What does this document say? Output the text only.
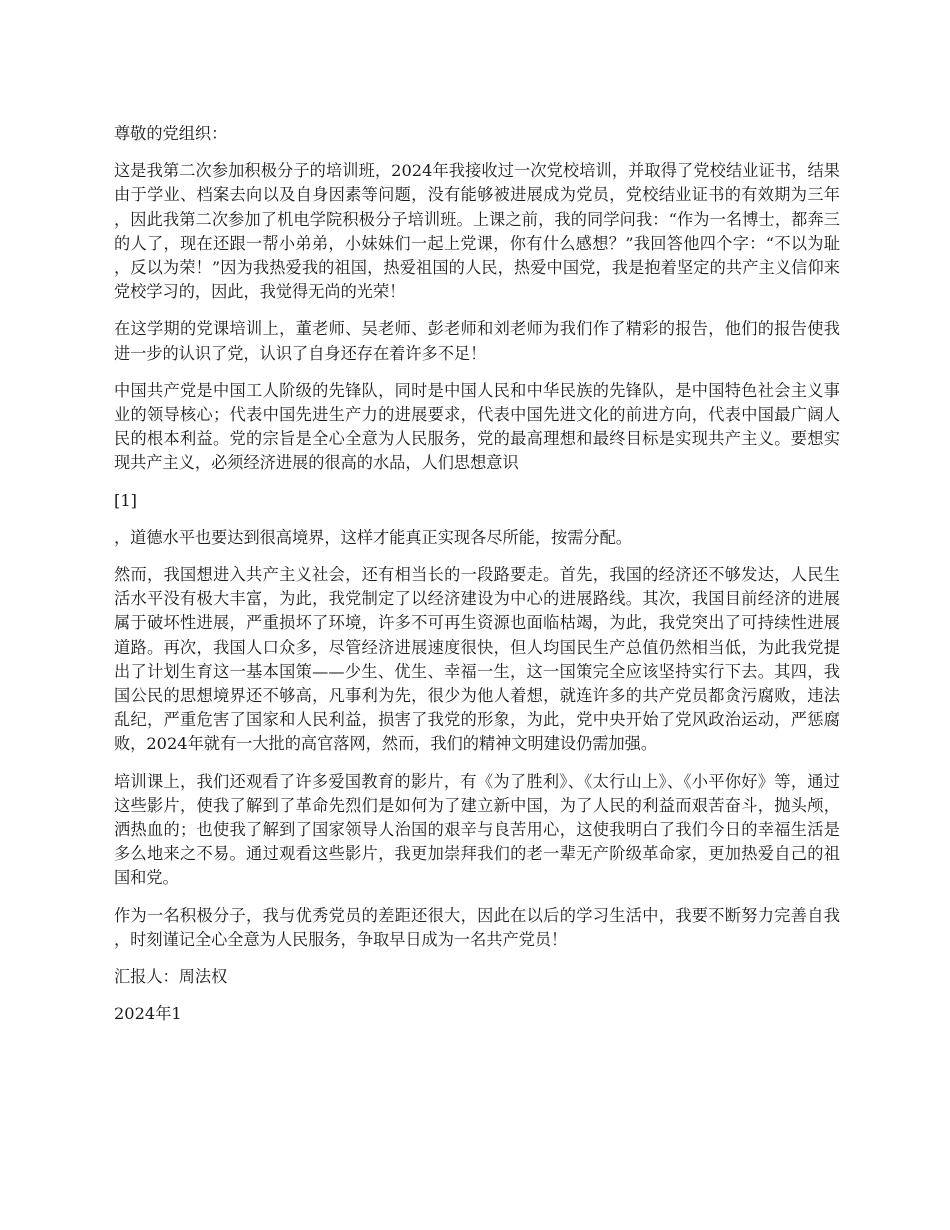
尊敬的党组织：

这是我第二次参加积极分子的培训班，2024年我接收过一次党校培训，并取得了党校结业证书，结果由于学业、档案去向以及自身因素等问题，没有能够被进展成为党员，党校结业证书的有效期为三年，因此我第二次参加了机电学院积极分子培训班。上课之前，我的同学问我：“作为一名博士，都奔三的人了，现在还跟一帮小弟弟，小妹妹们一起上党课，你有什么感想？”我回答他四个字：“不以为耻，反以为荣！”因为我热爱我的祖国，热爱祖国的人民，热爱中国党，我是抱着坚定的共产主义信仰来党校学习的，因此，我觉得无尚的光荣！

在这学期的党课培训上，董老师、吴老师、彭老师和刘老师为我们作了精彩的报告，他们的报告使我进一步的认识了党，认识了自身还存在着许多不足！

中国共产党是中国工人阶级的先锋队，同时是中国人民和中华民族的先锋队，是中国特色社会主义事业的领导核心；代表中国先进生产力的进展要求，代表中国先进文化的前进方向，代表中国最广阔人民的根本利益。党的宗旨是全心全意为人民服务，党的最高理想和最终目标是实现共产主义。要想实现共产主义，必须经济进展的很高的水品，人们思想意识

[1]

，道德水平也要达到很高境界，这样才能真正实现各尽所能，按需分配。

然而，我国想进入共产主义社会，还有相当长的一段路要走。首先，我国的经济还不够发达，人民生活水平没有极大丰富，为此，我党制定了以经济建设为中心的进展路线。其次，我国目前经济的进展属于破坏性进展，严重损坏了环境，许多不可再生资源也面临枯竭，为此，我党突出了可持续性进展道路。再次，我国人口众多，尽管经济进展速度很快，但人均国民生产总值仍然相当低，为此我党提出了计划生育这一基本国策——少生、优生、幸福一生，这一国策完全应该坚持实行下去。其四，我国公民的思想境界还不够高，凡事利为先，很少为他人着想，就连许多的共产党员都贪污腐败，违法乱纪，严重危害了国家和人民利益，损害了我党的形象，为此，党中央开始了党风政治运动，严惩腐败，2024年就有一大批的高官落网，然而，我们的精神文明建设仍需加强。

培训课上，我们还观看了许多爱国教育的影片，有《为了胜利》、《太行山上》、《小平你好》等，通过这些影片，使我了解到了革命先烈们是如何为了建立新中国，为了人民的利益而艰苦奋斗，抛头颅，洒热血的；也使我了解到了国家领导人治国的艰辛与良苦用心，这使我明白了我们今日的幸福生活是多么地来之不易。通过观看这些影片，我更加崇拜我们的老一辈无产阶级革命家，更加热爱自己的祖国和党。

作为一名积极分子，我与优秀党员的差距还很大，因此在以后的学习生活中，我要不断努力完善自我，时刻谨记全心全意为人民服务，争取早日成为一名共产党员！

汇报人：周法权

2024年1
